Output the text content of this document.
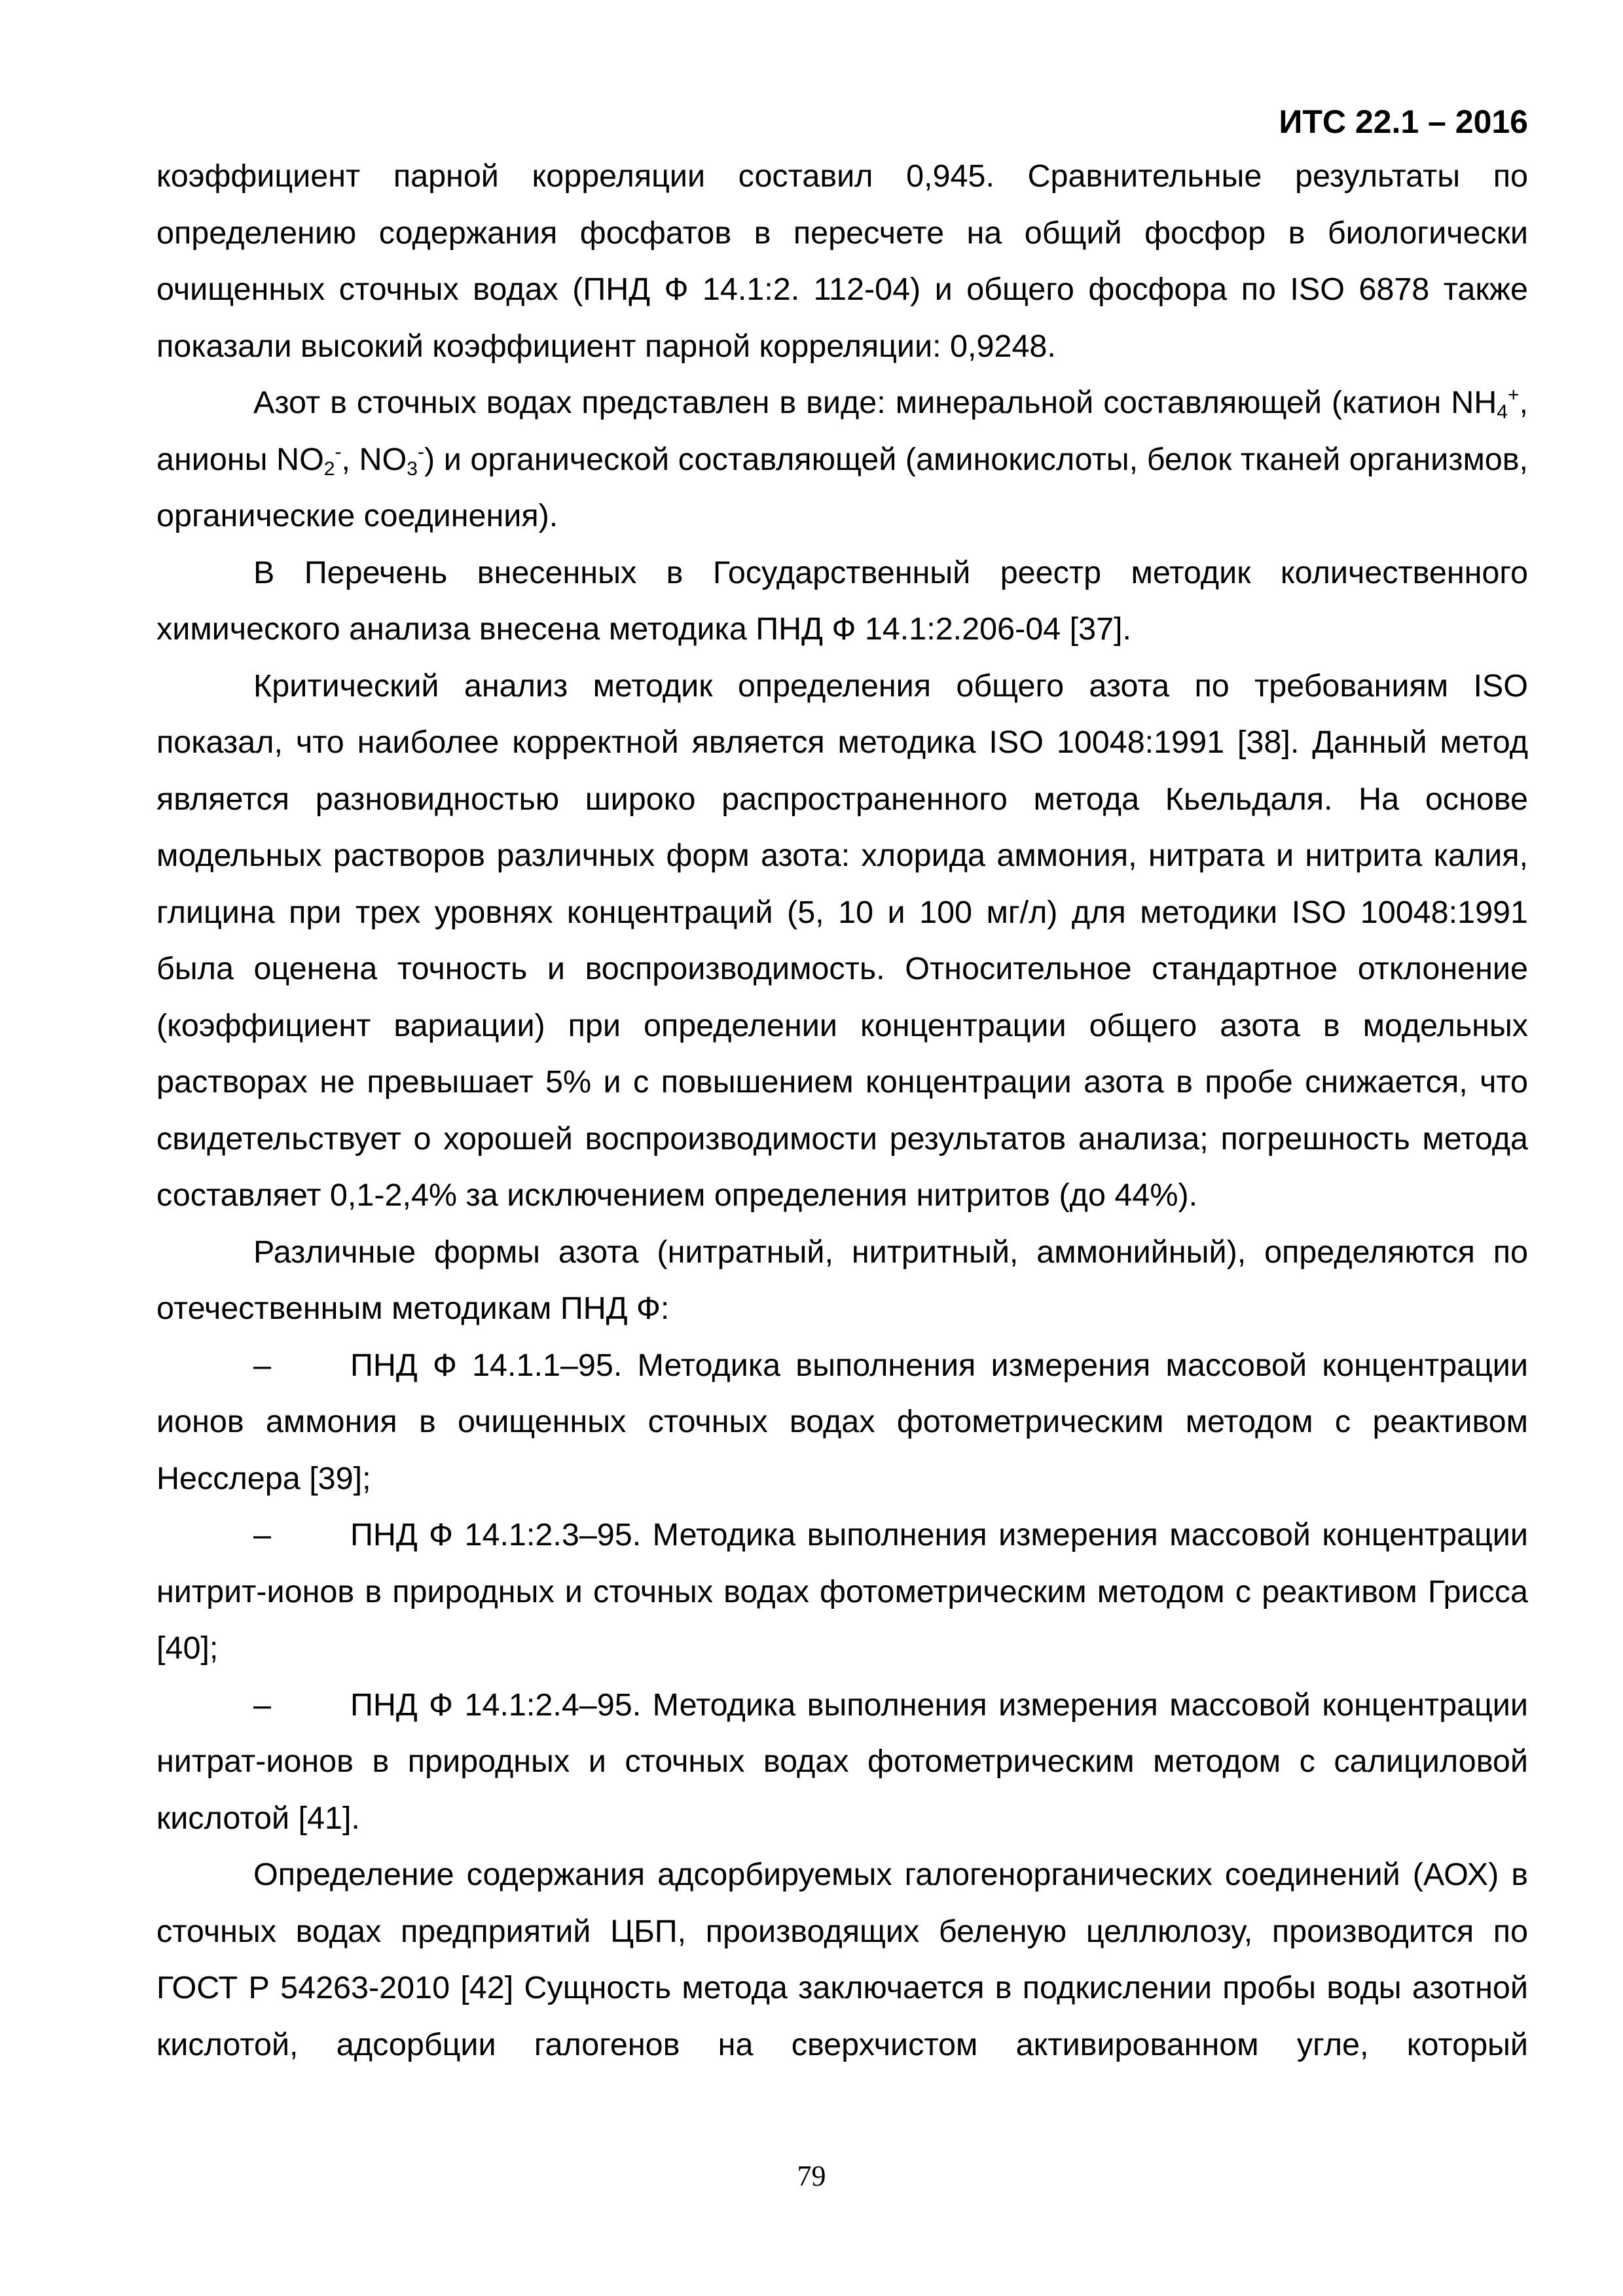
ИТС 22.1 – 2016

коэффициент парной корреляции составил 0,945. Сравнительные результаты по определению содержания фосфатов в пересчете на общий фосфор в биологически очищенных сточных водах (ПНД Ф 14.1:2. 112-04) и общего фосфора по ISO 6878 также показали высокий коэффициент парной корреляции: 0,9248.

Азот в сточных водах представлен в виде: минеральной составляющей (катион $NH_4^+$, анионы $NO_2^-$, $NO_3^-$) и органической составляющей (аминокислоты, белок тканей организмов, органические соединения).

В Перечень внесенных в Государственный реестр методик количественного химического анализа внесена методика ПНД Ф 14.1:2.206-04 [37].

Критический анализ методик определения общего азота по требованиям ISO показал, что наиболее корректной является методика ISO 10048:1991 [38]. Данный метод является разновидностью широко распространенного метода Кьельдаля. На основе модельных растворов различных форм азота: хлорида аммония, нитрата и нитрита калия, глицина при трех уровнях концентраций (5, 10 и 100 мг/л) для методики ISO 10048:1991 была оценена точность и воспроизводимость. Относительное стандартное отклонение (коэффициент вариации) при определении концентрации общего азота в модельных растворах не превышает 5% и с повышением концентрации азота в пробе снижается, что свидетельствует о хорошей воспроизводимости результатов анализа; погрешность метода составляет 0,1-2,4% за исключением определения нитритов (до 44%).

Различные формы азота (нитратный, нитритный, аммонийный), определяются по отечественным методикам ПНД Ф:

– ПНД Ф 14.1.1–95. Методика выполнения измерения массовой концентрации ионов аммония в очищенных сточных водах фотометрическим методом с реактивом Несслера [39];

– ПНД Ф 14.1:2.3–95. Методика выполнения измерения массовой концентрации нитрит-ионов в природных и сточных водах фотометрическим методом с реактивом Грисса [40];

– ПНД Ф 14.1:2.4–95. Методика выполнения измерения массовой концентрации нитрат-ионов в природных и сточных водах фотометрическим методом с салициловой кислотой [41].

Определение содержания адсорбируемых галогенорганических соединений (АОХ) в сточных водах предприятий ЦБП, производящих беленую целлюлозу, производится по ГОСТ Р 54263-2010 [42] Сущность метода заключается в подкислении пробы воды азотной кислотой, адсорбции галогенов на сверхчистом активированном угле, который

79
